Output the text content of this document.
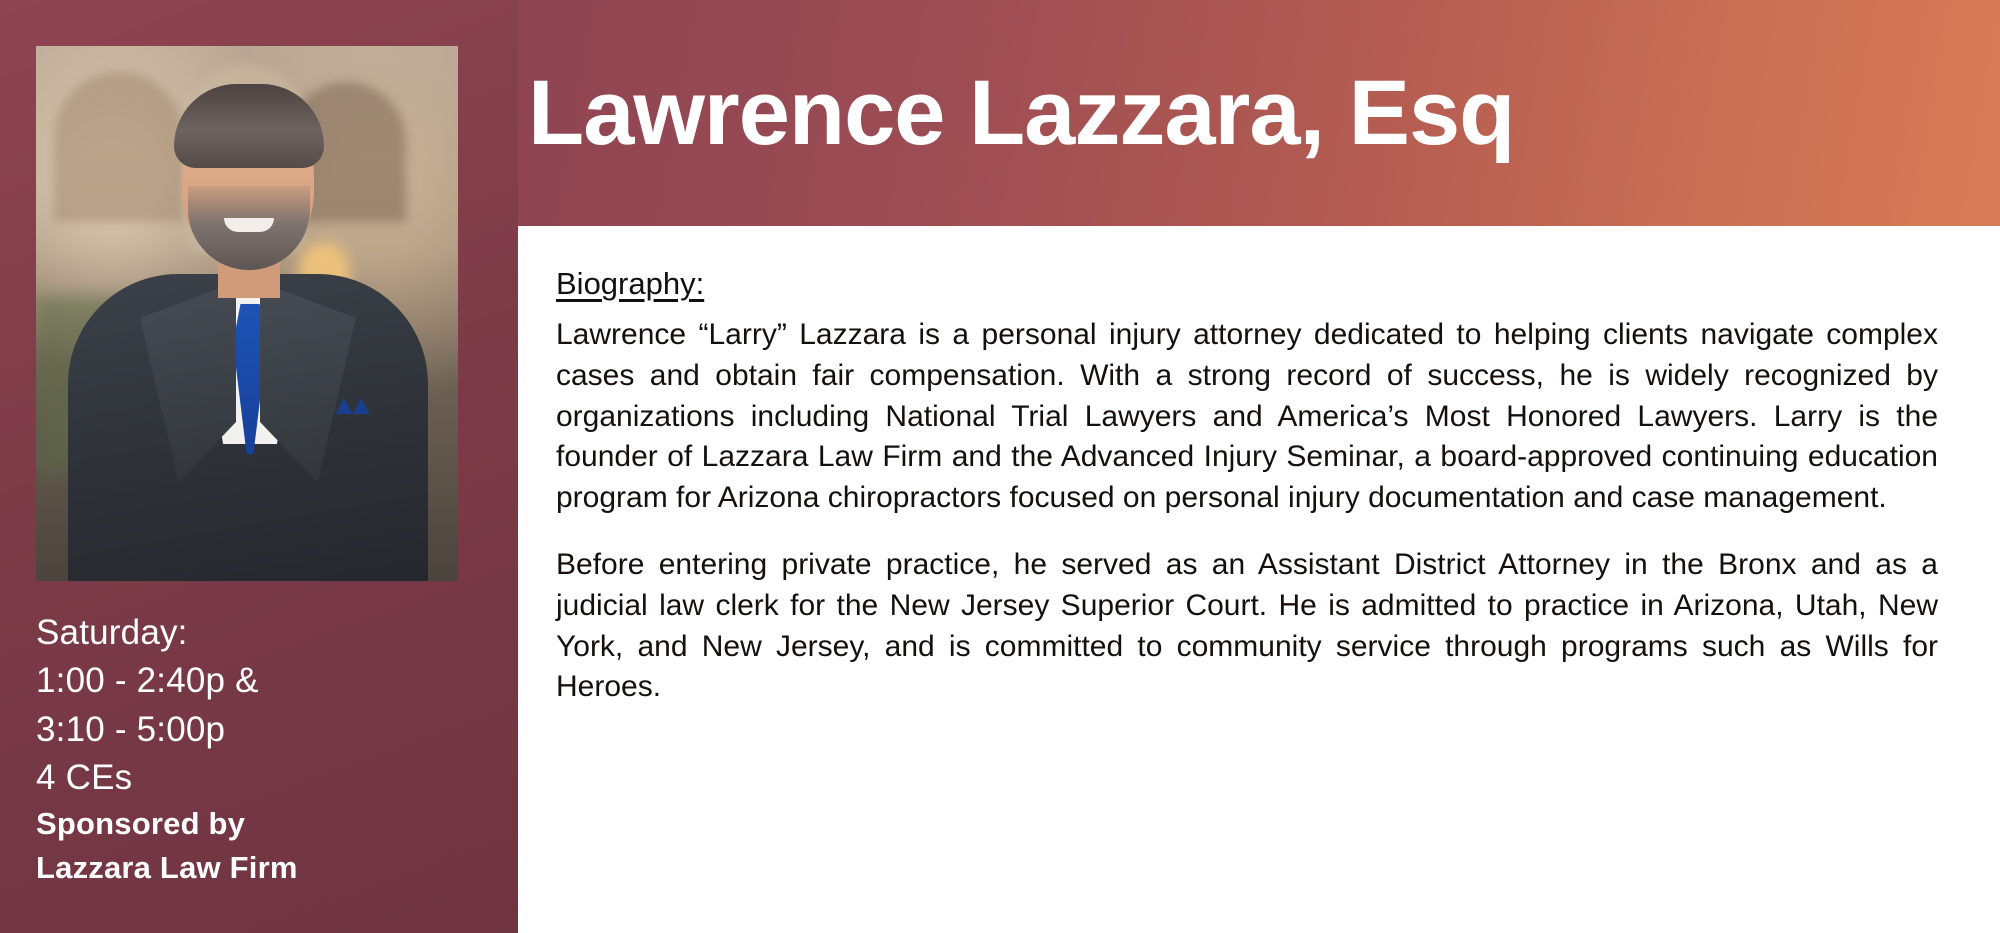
Saturday:
1:00 - 2:40p &
3:10 - 5:00p
4 CEs
Sponsored by
Lazzara Law Firm
Lawrence Lazzara, Esq
Biography:

Lawrence “Larry” Lazzara is a personal injury attorney dedicated to helping clients navigate complex cases and obtain fair compensation. With a strong record of success, he is widely recognized by organizations including National Trial Lawyers and America’s Most Honored Lawyers. Larry is the founder of Lazzara Law Firm and the Advanced Injury Seminar, a board-approved continuing education program for Arizona chiropractors focused on personal injury documentation and case management.

Before entering private practice, he served as an Assistant District Attorney in the Bronx and as a judicial law clerk for the New Jersey Superior Court. He is admitted to practice in Arizona, Utah, New York, and New Jersey, and is committed to community service through programs such as Wills for Heroes.
